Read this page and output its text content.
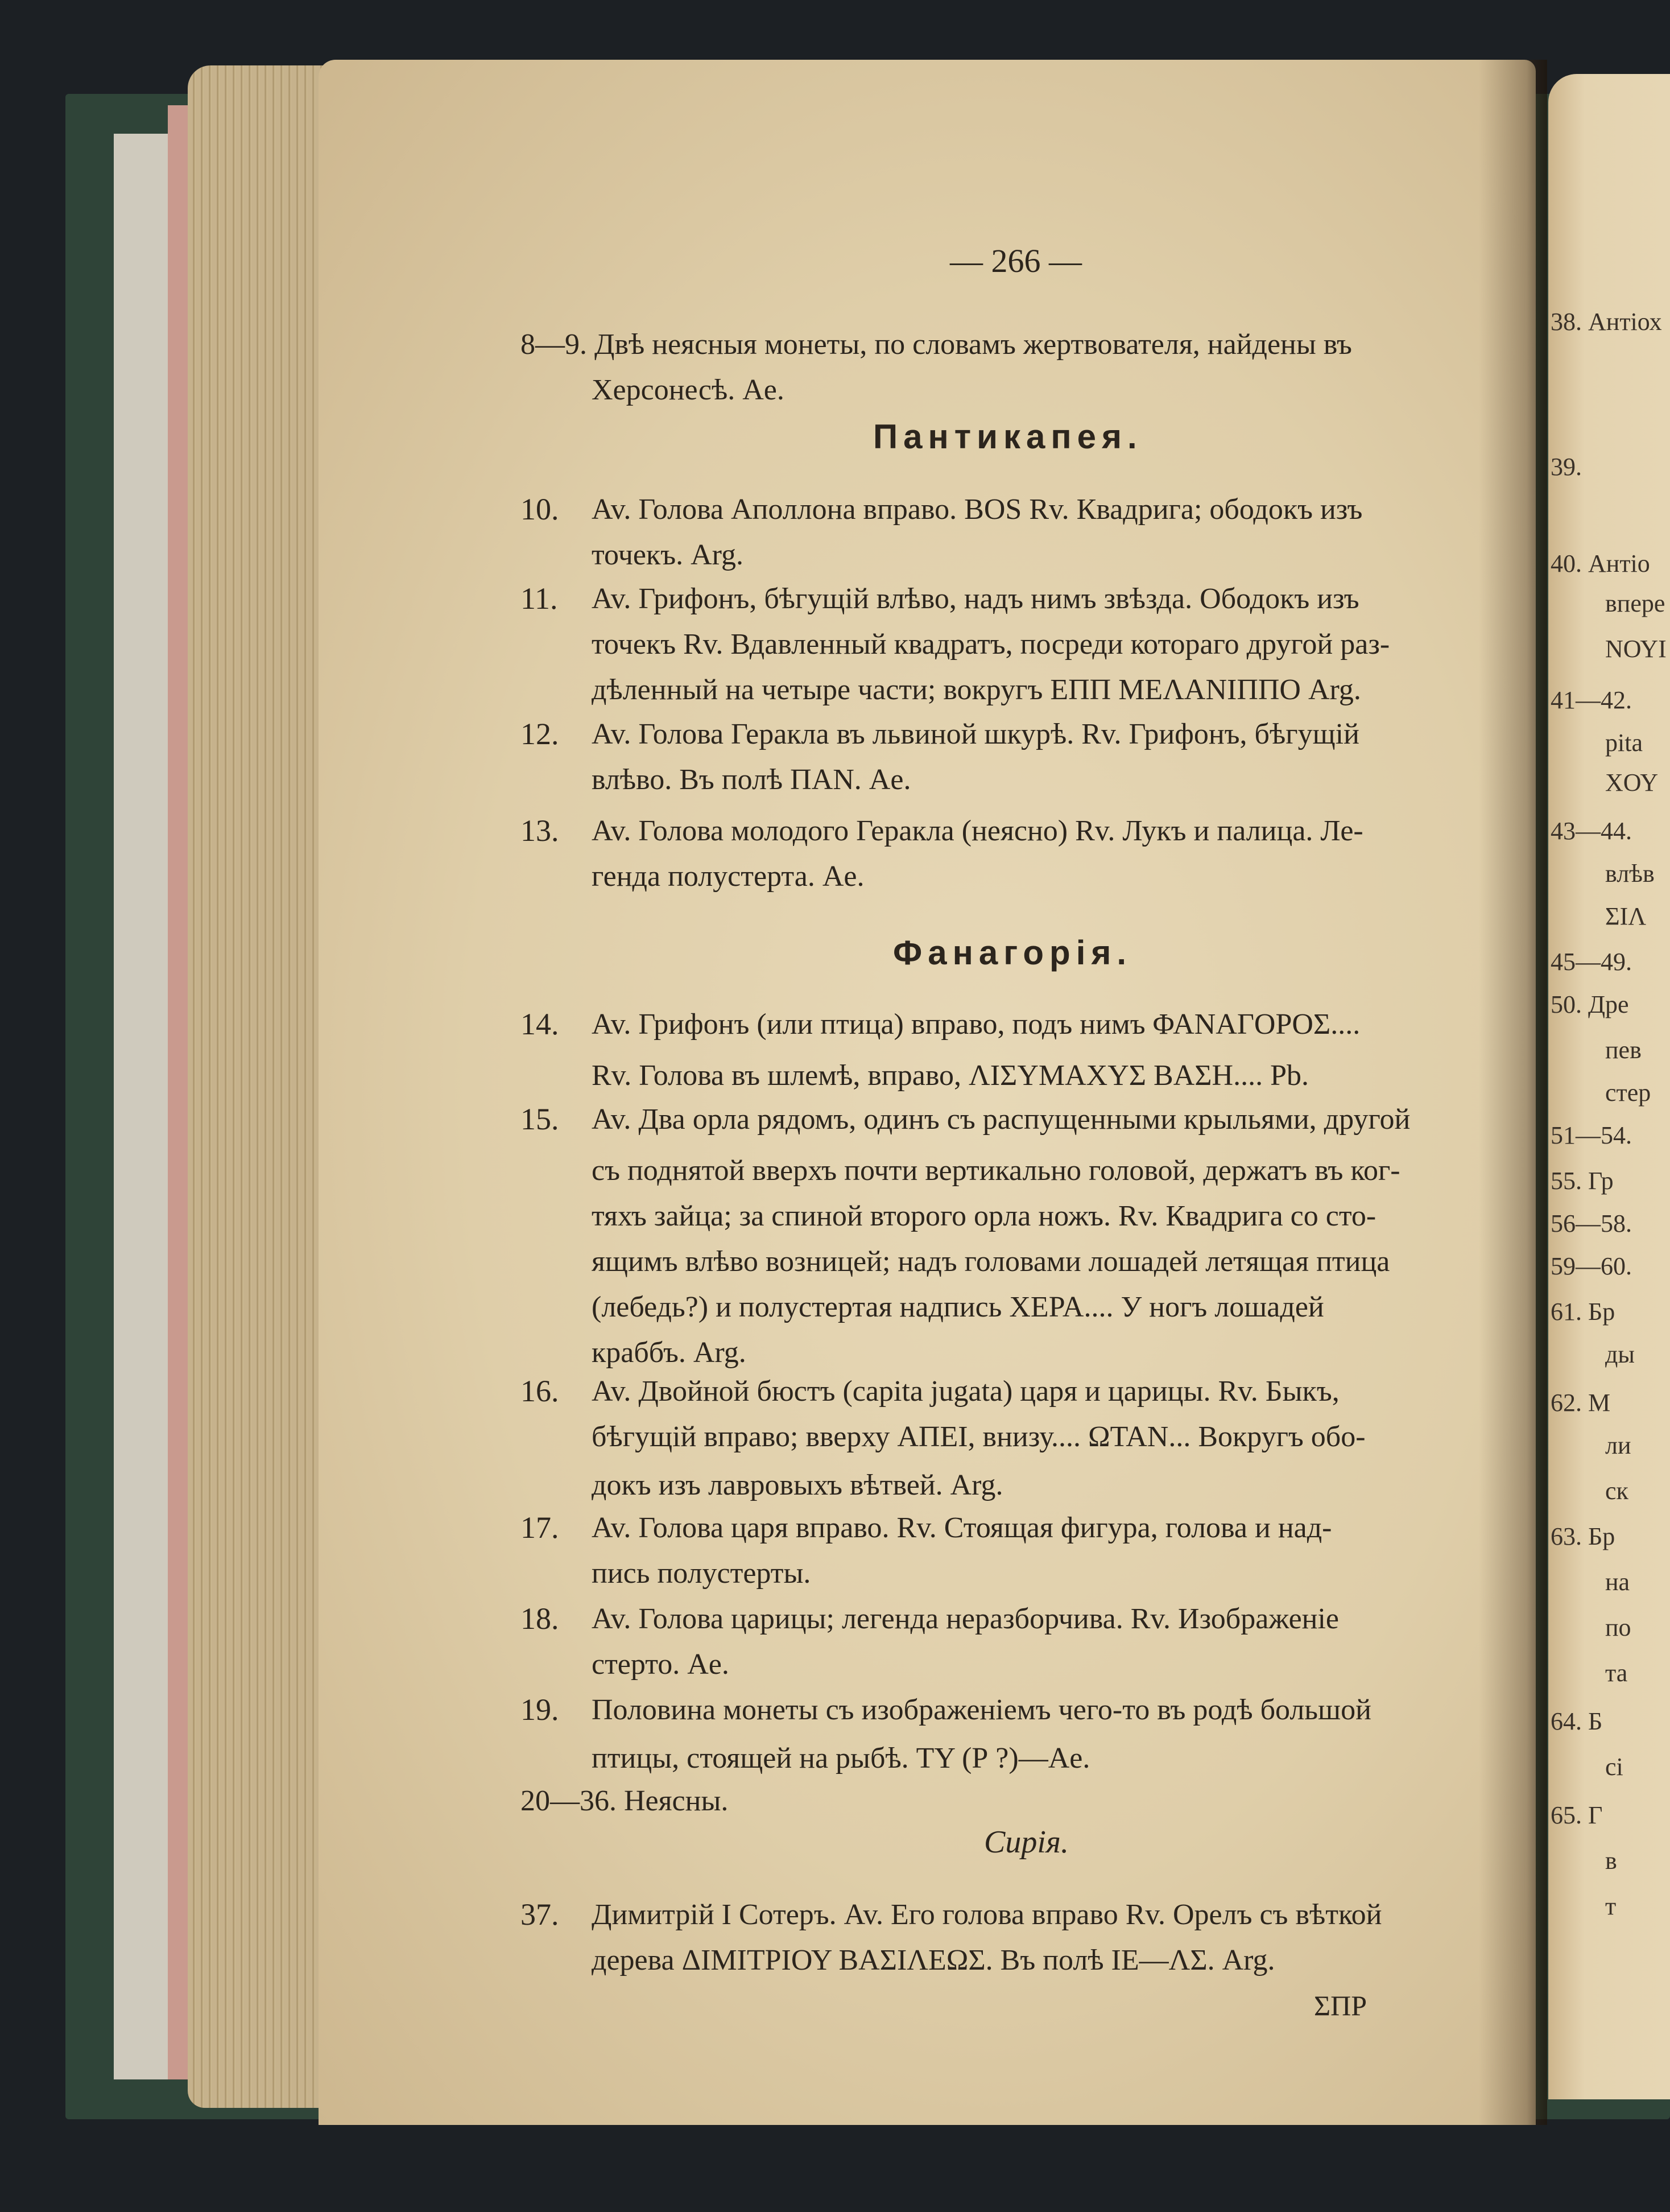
38. Антіох
39.
40. Антіо
впере
ΝΟΥΙ
41—42.
pita
ΧΟΥ
43—44.
влѣв
ΣΙΛ
45—49.
50. Дре
пев
стер
51—54.
55. Гр
56—58.
59—60.
61. Бр
ды
62. М
ли
ск
63. Бр
на
по
та
64. Б
сі
65. Г
в
т
— 266 —
8—9. Двѣ неясныя монеты, по словамъ жертвователя, найдены въ
Херсонесѣ. Ae.
Пантикапея.
10. Av. Голова Аполлона вправо. BOS Rv. Квадрига; ободокъ изъ
точекъ. Arg.
11. Av. Грифонъ, бѣгущій влѣво, надъ нимъ звѣзда. Ободокъ изъ
точекъ Rv. Вдавленный квадратъ, посреди котораго другой раз-
дѣленный на четыре части; вокругъ ЕПП МЕΛΑΝΙΠΠΟ Arg.
12. Av. Голова Геракла въ львиной шкурѣ. Rv. Грифонъ, бѣгущій
влѣво. Въ полѣ ΠΑΝ. Ae.
13. Av. Голова молодого Геракла (неясно) Rv. Лукъ и палица. Ле-
генда полустерта. Ae.
Фанагорія.
14. Av. Грифонъ (или птица) вправо, подъ нимъ ΦΑΝΑΓΟΡΟΣ....
Rv. Голова въ шлемѣ, вправо, ΛΙΣΥΜΑΧΥΣ ΒΑΣΗ.... Pb.
15. Av. Два орла рядомъ, одинъ съ распущенными крыльями, другой
съ поднятой вверхъ почти вертикально головой, держатъ въ ког-
тяхъ зайца; за спиной второго орла ножъ. Rv. Квадрига со сто-
ящимъ влѣво возницей; надъ головами лошадей летящая птица
(лебедь?) и полустертая надпись ΧΕΡΑ.... У ногъ лошадей
краббъ. Arg.
16. Av. Двойной бюстъ (capita jugata) царя и царицы. Rv. Быкъ,
бѣгущій вправо; вверху ΑΠΕΙ, внизу.... ΩΤΑΝ... Вокругъ обо-
докъ изъ лавровыхъ вѣтвей. Arg.
17. Av. Голова царя вправо. Rv. Стоящая фигура, голова и над-
пись полустерты.
18. Av. Голова царицы; легенда неразборчива. Rv. Изображеніе
стерто. Ae.
19. Половина монеты съ изображеніемъ чего-то въ родѣ большой
птицы, стоящей на рыбѣ. ΤΥ (Р ?)—Ae.
20—36. Неясны.
Сирія.
37. Димитрій I Сотеръ. Av. Его голова вправо Rv. Орелъ съ вѣткой
дерева ΔΙΜΙΤΡΙΟΥ ΒΑΣΙΛΕΩΣ. Въ полѣ ΙΕ—ΛΣ. Arg.
ΣΠΡ
